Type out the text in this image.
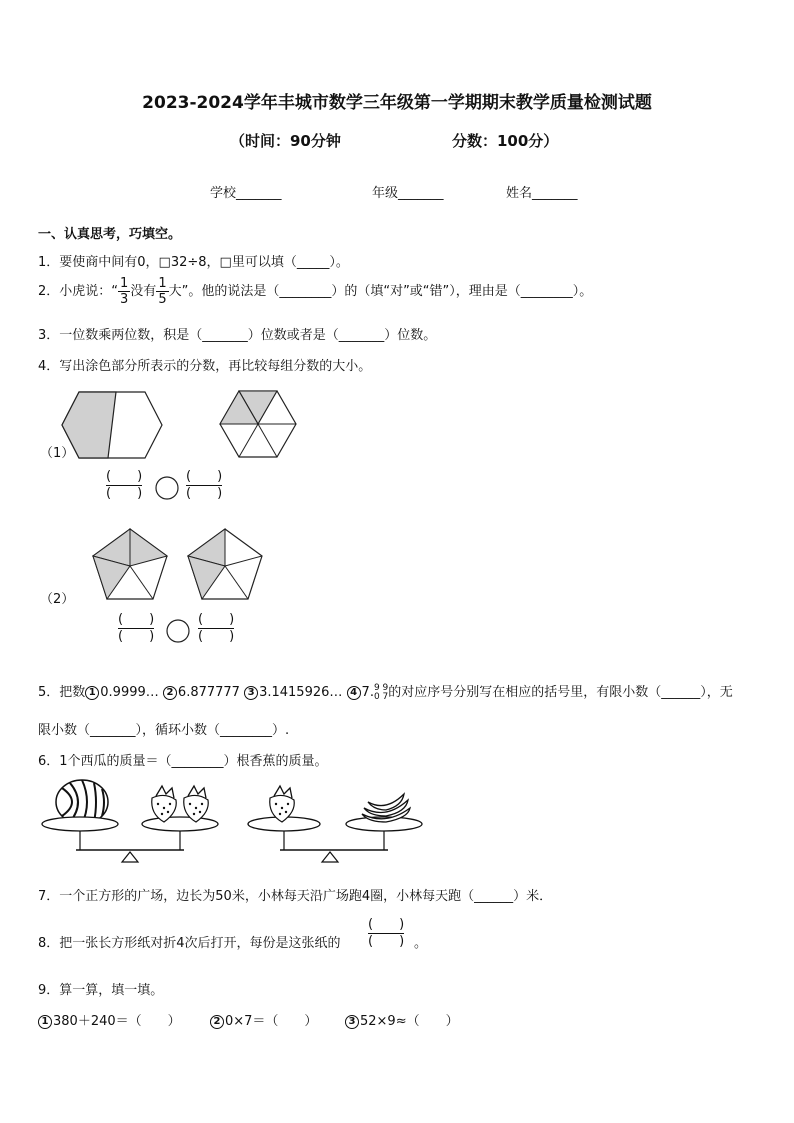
2023-2024学年丰城市数学三年级第一学期期末教学质量检测试题
（时间：90分钟	分数：100分）
学校_______	年级_______	姓名_______
一、认真思考，巧填空。
1．要使商中间有0，□32÷8，□里可以填（_____）。
2．小虎说：“ $\frac{1}{3}$ 没有 $\frac{1}{5}$ 大”。他的说法是（________）的（填“对”或“错”），理由是（________）。
3．一位数乘两位数，积是（_______）位数或者是（_______）位数。
4．写出涂色部分所表示的分数，再比较每组分数的大小。
（1）
（2）
(　　)
(　　)
(　　)
(　　)
(　　)
(　　)
(　　)
(　　)
5．把数 1 0.9999… 2 6.877777 3 3.1415926… 4 7. 9 9
0 7 的对应序号分别写在相应的括号里，有限小数（______），无
限小数（_______），循环小数（________）.
6．1个西瓜的质量＝（________）根香蕉的质量。
7．一个正方形的广场，边长为50米，小林每天沿广场跑4圈，小林每天跑（______）米．
8．把一张长方形纸对折4次后打开，每份是这张纸的
(　　)
(　　) 。
9．算一算，填一填。
1 380＋240＝（　　）	2 0×7＝（　　）	3 52×9≈（　　）
